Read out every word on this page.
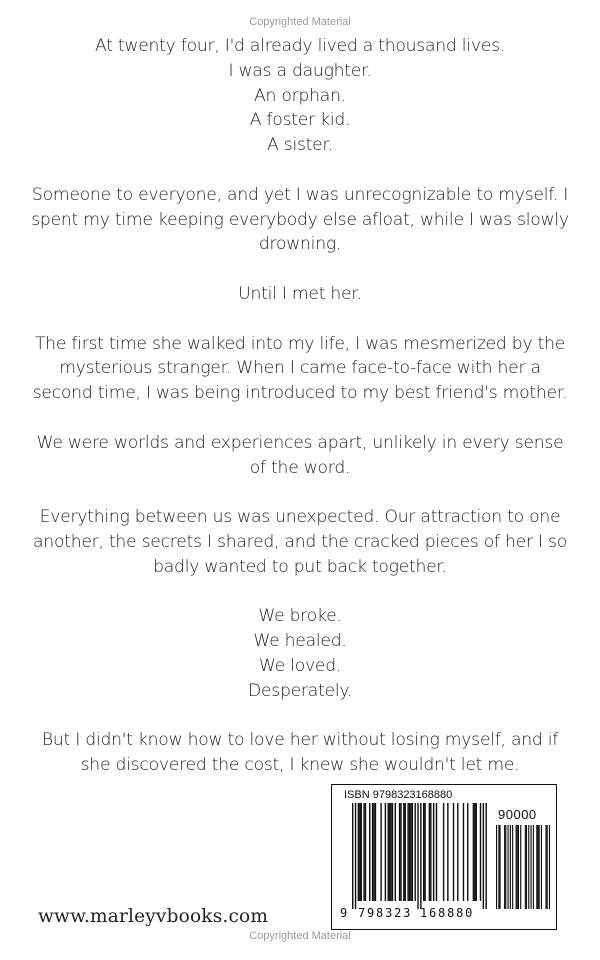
Copyrighted Material

At twenty four, I'd already lived a thousand lives.
I was a daughter.
An orphan.
A foster kid.
A sister.

Someone to everyone, and yet I was unrecognizable to myself. I
spent my time keeping everybody else afloat, while I was slowly
drowning.

Until I met her.

The first time she walked into my life, I was mesmerized by the
mysterious stranger. When I came face-to-face with her a
second time, I was being introduced to my best friend's mother.

We were worlds and experiences apart, unlikely in every sense
of the word.

Everything between us was unexpected. Our attraction to one
another, the secrets I shared, and the cracked pieces of her I so
badly wanted to put back together.

We broke.
We healed.
We loved.
Desperately.

But I didn't know how to love her without losing myself, and if
she discovered the cost, I knew she wouldn't let me.

www.marleyvbooks.com
ISBN 9798323168880
90000
9 798323 168880
Copyrighted Material
